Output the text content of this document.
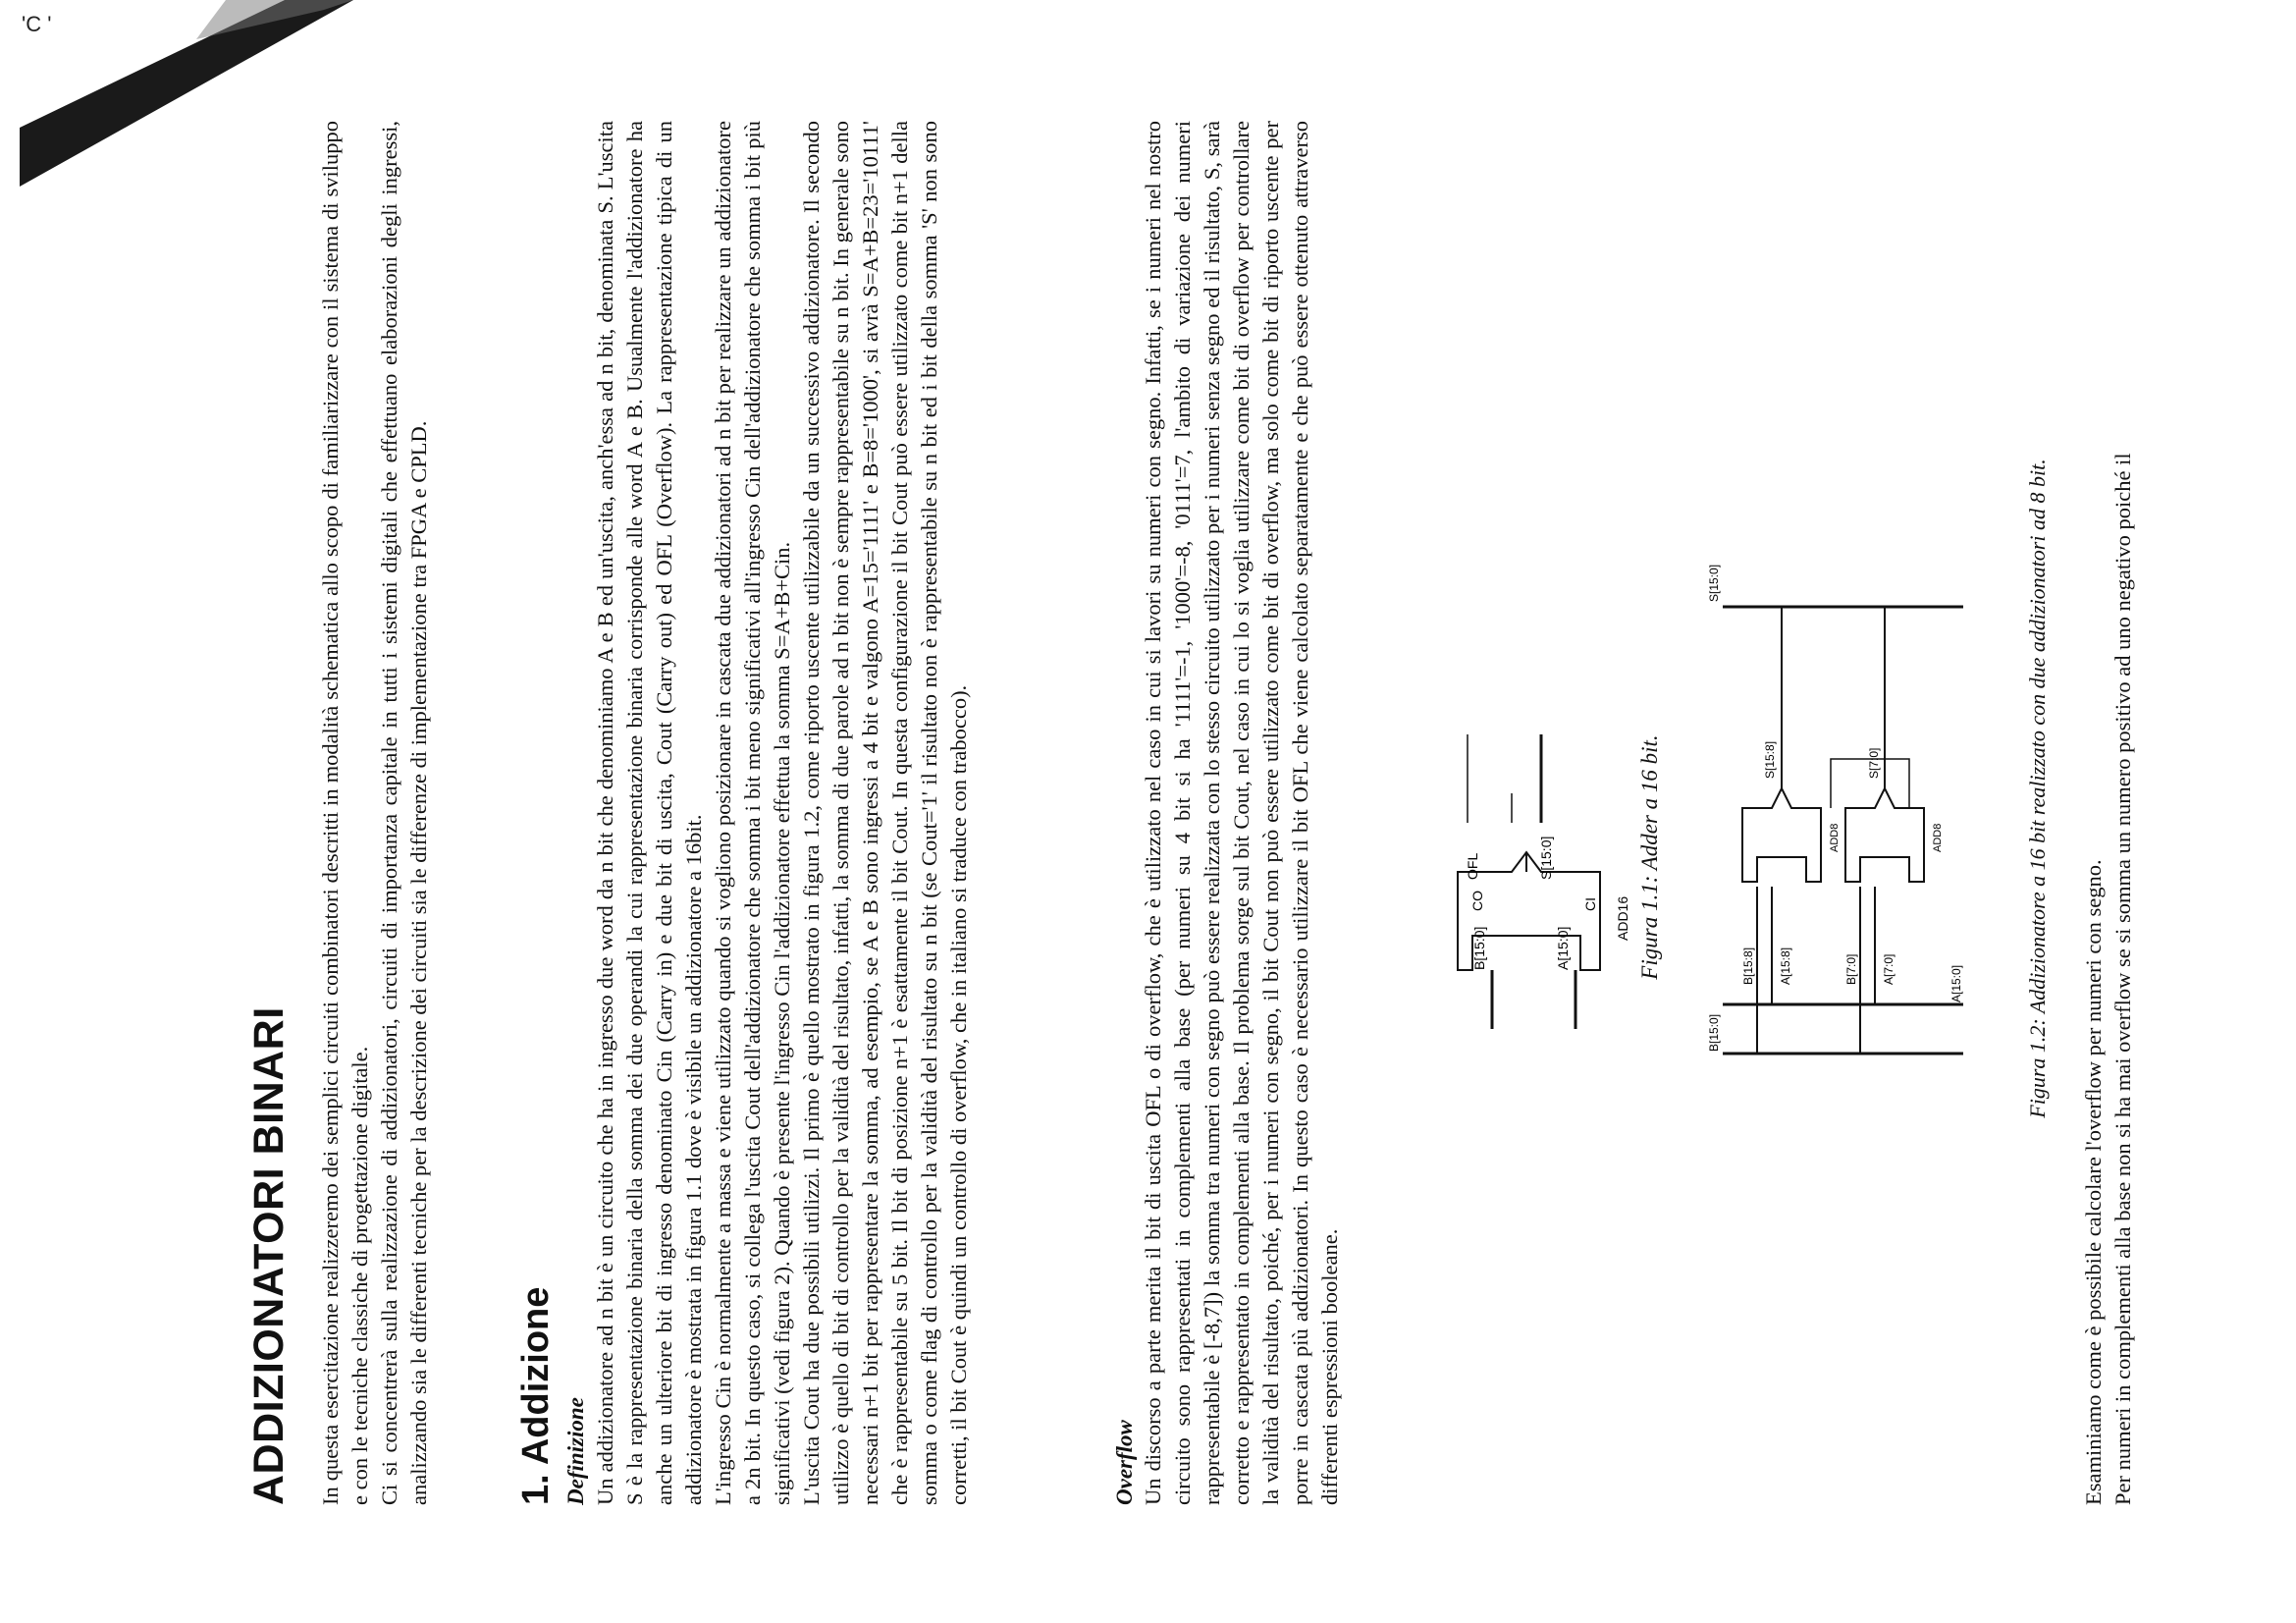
'C '
ADDIZIONATORI BINARI In questa esercitazione realizzeremo dei semplici circuiti combinatori descritti in modalità schematica allo scopo di familiarizzare con il sistema di sviluppo e con le tecniche classiche di progettazione digitale. Ci si concentrerà sulla realizzazione di addizionatori, circuiti di importanza capitale in tutti i sistemi digitali che effettuano elaborazioni degli ingressi, analizzando sia le differenti tecniche per la descrizione dei circuiti sia le differenze di implementazione tra FPGA e CPLD. 1. Addizione Definizione Un addizionatore ad n bit è un circuito che ha in ingresso due word da n bit che denominiamo A e B ed un'uscita, anch'essa ad n bit, denominata S. L'uscita S è la rappresentazione binaria della somma dei due operandi la cui rappresentazione binaria corrisponde alle word A e B. Usualmente l'addizionatore ha anche un ulteriore bit di ingresso denominato Cin (Carry in) e due bit di uscita, Cout (Carry out) ed OFL (Overflow). La rappresentazione tipica di un addizionatore è mostrata in figura 1.1 dove è visibile un addizionatore a 16bit. L'ingresso Cin è normalmente a massa e viene utilizzato quando si vogliono posizionare in cascata due addizionatori ad n bit per realizzare un addizionatore a 2n bit. In questo caso, si collega l'uscita Cout dell'addizionatore che somma i bit meno significativi all'ingresso Cin dell'addizionatore che somma i bit più significativi (vedi figura 2). Quando è presente l'ingresso Cin l'addizionatore effettua la somma S=A+B+Cin. L'uscita Cout ha due possibili utilizzi. Il primo è quello mostrato in figura 1.2, come riporto uscente utilizzabile da un successivo addizionatore. Il secondo utilizzo è quello di bit di controllo per la validità del risultato, infatti, la somma di due parole ad n bit non è sempre rappresentabile su n bit. In generale sono necessari n+1 bit per rappresentare la somma, ad esempio, se A e B sono ingressi a 4 bit e valgono A=15='1111' e B=8='1000', si avrà S=A+B=23='10111' che è rappresentabile su 5 bit. Il bit di posizione n+1 è esattamente il bit Cout. In questa configurazione il bit Cout può essere utilizzato come bit n+1 della somma o come flag di controllo per la validità del risultato su n bit (se Cout='1' il risultato non è rappresentabile su n bit ed i bit della somma 'S' non sono corretti, il bit Cout è quindi un controllo di overflow, che in italiano si traduce con trabocco).	Overflow Un discorso a parte merita il bit di uscita OFL o di overflow, che è utilizzato nel caso in cui si lavori su numeri con segno. Infatti, se i numeri nel nostro circuito sono rappresentati in complementi alla base (per numeri su 4 bit si ha '1111'=-1, '1000'=-8, '0111'=7, l'ambito di variazione dei numeri rappresentabile è [-8,7]) la somma tra numeri con segno può essere realizzata con lo stesso circuito utilizzato per i numeri senza segno ed il risultato, S, sarà corretto e rappresentato in complementi alla base. Il problema sorge sul bit Cout, nel caso in cui lo si voglia utilizzare come bit di overflow per controllare la validità del risultato, poiché, per i numeri con segno, il bit Cout non può essere utilizzato come bit di overflow, ma solo come bit di riporto uscente per porre in cascata più addizionatori. In questo caso è necessario utilizzare il bit OFL che viene calcolato separatamente e che può essere ottenuto attraverso differenti espressioni booleane.

B[15:0]	A[15:0]
CI
CO
OFL	S[15:0]
ADD16 Figura 1.1: Adder a 16 bit.	B[15:8] A[15:8]	B[7:0] A[7:0]
S[15:8]	S[7:0]
S[15:0]
B[15:0]
A[15:0]
ADD8	ADD8	Figura 1.2: Addizionatore a 16 bit realizzato con due addizionatori ad 8 bit.

Esaminiamo come è possibile calcolare l'overflow per numeri con segno. Per numeri in complementi alla base non si ha mai overflow se si somma un numero positivo ad uno negativo poiché il
